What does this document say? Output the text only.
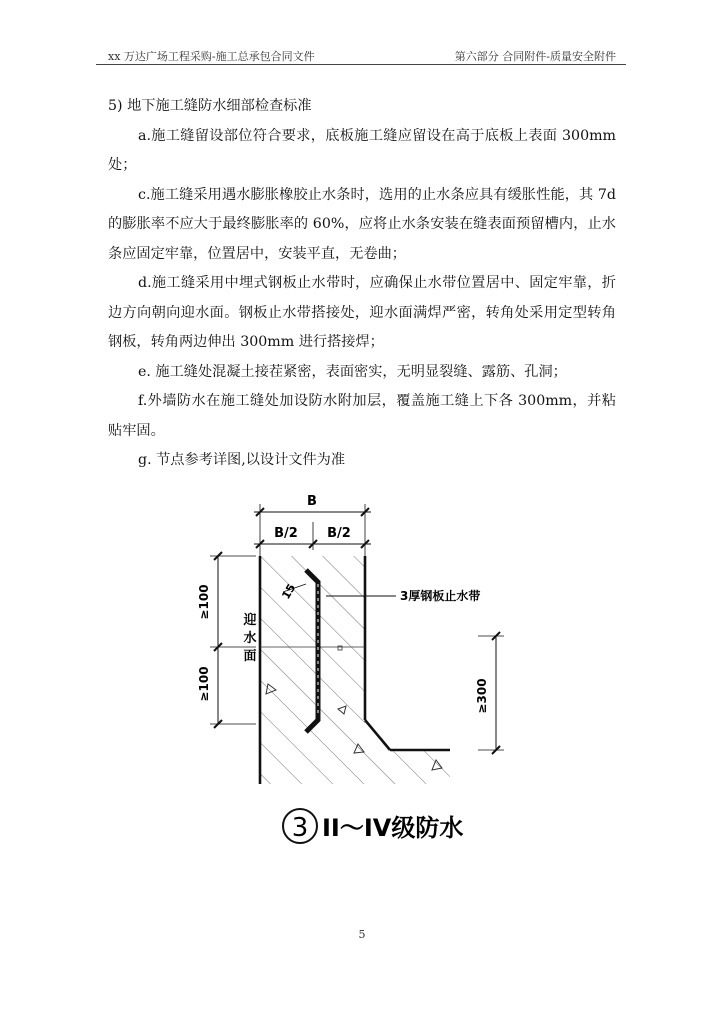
xx 万达广场工程采购-施工总承包合同文件	第六部分 合同附件-质量安全附件

5) 地下施工缝防水细部检查标准

a.施工缝留设部位符合要求，底板施工缝应留设在高于底板上表面 300mm 处；

c.施工缝采用遇水膨胀橡胶止水条时，选用的止水条应具有缓胀性能，其 7d 的膨胀率不应大于最终膨胀率的 60%，应将止水条安装在缝表面预留槽内，止水条应固定牢靠，位置居中，安装平直，无卷曲；

d.施工缝采用中埋式钢板止水带时，应确保止水带位置居中、固定牢靠，折边方向朝向迎水面。钢板止水带搭接处，迎水面满焊严密，转角处采用定型转角钢板，转角两边伸出 300mm 进行搭接焊；

e. 施工缝处混凝土接茬紧密，表面密实，无明显裂缝、露筋、孔洞；

f.外墙防水在施工缝处加设防水附加层，覆盖施工缝上下各 300mm，并粘贴牢固。

g. 节点参考详图,以设计文件为准

B
B/2 B/2
15
≥100
≥100
迎
水
面
3厚钢板止水带
≥300
3 II～IV级防水
5
